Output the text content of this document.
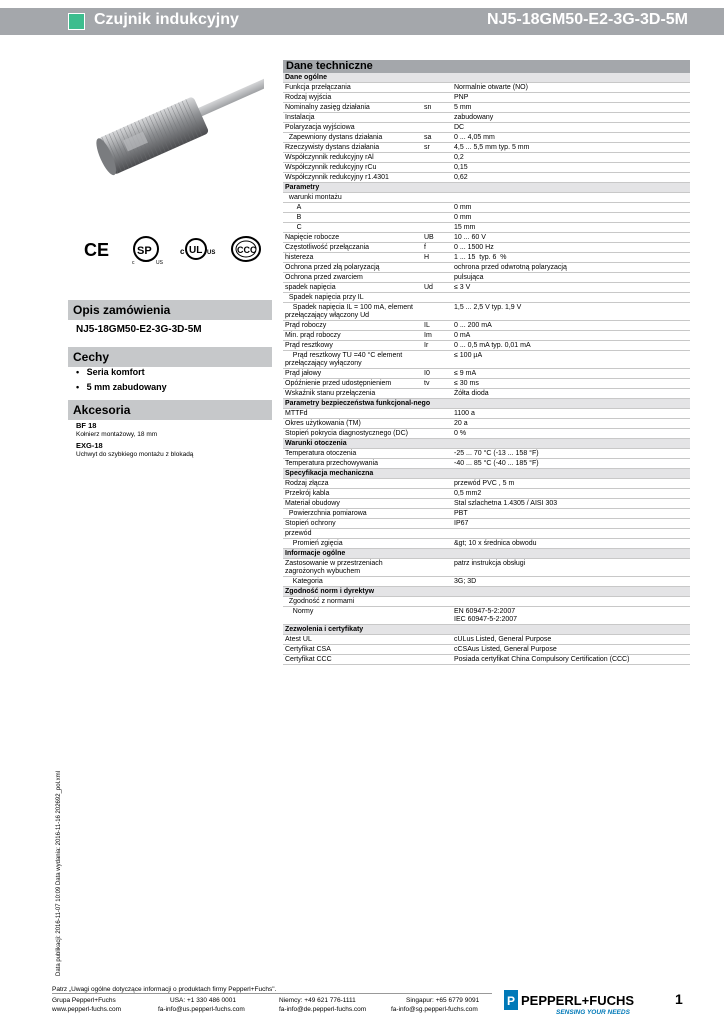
Czujnik indukcyjny	NJ5-18GM50-E2-3G-3D-5M
CE	SP
c	US
c UL US CCC
Opis zamówienia
NJ5-18GM50-E2-3G-3D-5M
Cechy
•   Seria komfort
•   5 mm zabudowany
Akcesoria
BF 18
Kołnierz montażowy, 18 mm
EXG-18
Uchwyt do szybkiego montażu z blokadą
Dane techniczne
Dane ogólne		
Funkcja przełączania		Normalnie otwarte (NO)
Rodzaj wyjścia		PNP
Nominalny zasięg działania	sn	5 mm
Instalacja		zabudowany
Polaryzacja wyjściowa		DC
Zapewniony dystans działania	sa	0 ... 4,05 mm
Rzeczywisty dystans działania	sr	4,5 ... 5,5 mm typ. 5 mm
Współczynnik redukcyjny rAl		0,2
Współczynnik redukcyjny rCu		0,15
Współczynnik redukcyjny r1.4301		0,62
Parametry		
warunki montażu		
A		0 mm
B		0 mm
C		15 mm
Napięcie robocze	UB	10 ... 60 V
Częstotliwość przełączania	f	0 ... 1500 Hz
histereza	H	1 ... 15  typ. 6  %
Ochrona przed złą polaryzacją		ochrona przed odwrotną polaryzacją
Ochrona przed zwarciem		pulsująca
spadek napięcia	Ud	≤ 3 V
Spadek napięcia przy IL		
Spadek napięcia IL = 100 mA, element przełączający włączony Ud		1,5 ... 2,5 V typ. 1,9 V
Prąd roboczy	IL	0 ... 200 mA
Min. prąd roboczy	Im	0 mA
Prąd resztkowy	Ir	0 ... 0,5 mA typ. 0,01 mA
Prąd resztkowy TU =40 °C element przełączający wyłączony		≤ 100 µA
Prąd jałowy	I0	≤ 9 mA
Opóźnienie przed udostępnieniem	tv	≤ 30 ms
Wskaźnik stanu przełączenia		Żółta dioda
Parametry bezpieczeństwa funkcjonal-nego		
MTTFd		1100 a
Okres użytkowania (TM)		20 a
Stopień pokrycia diagnostycznego (DC)		0 %
Warunki otoczenia		
Temperatura otoczenia		-25 ... 70 °C (-13 ... 158 °F)
Temperatura przechowywania		-40 ... 85 °C (-40 ... 185 °F)
Specyfikacja mechaniczna		
Rodzaj złącza		przewód PVC , 5 m
Przekrój kabla		0,5 mm2
Materiał obudowy		Stal szlachetna 1.4305 / AISI 303
Powierzchnia pomiarowa		PBT
Stopień ochrony		IP67
przewód		
Promień zgięcia		&gt; 10 x średnica obwodu
Informacje ogólne		
Zastosowanie w przestrzeniach zagrożonych wybuchem		patrz instrukcja obsługi
Kategoria		3G; 3D
Zgodność norm i dyrektyw		
Zgodność z normami		
Normy		EN 60947-5-2:2007
IEC 60947-5-2:2007
Zezwolenia i certyfikaty		
Atest UL		cULus Listed, General Purpose
Certyfikat CSA		cCSAus Listed, General Purpose
Certyfikat CCC		Posiada certyfikat China Compulsory Certification (CCC)
Data publikacji: 2016-11-07 10:09 Data wydania: 2016-11-16 202692_pol.xml
Patrz „Uwagi ogólne dotyczące informacji o produktach firmy Pepperl+Fuchs".
Grupa Pepperl+Fuchs
www.pepperl-fuchs.com
USA: +1 330 486 0001
fa-info@us.pepperl-fuchs.com
Niemcy: +49 621 776-1111
fa-info@de.pepperl-fuchs.com
Singapur: +65 6779 9091
fa-info@sg.pepperl-fuchs.com
P PEPPERL+FUCHS
SENSING YOUR NEEDS
1
